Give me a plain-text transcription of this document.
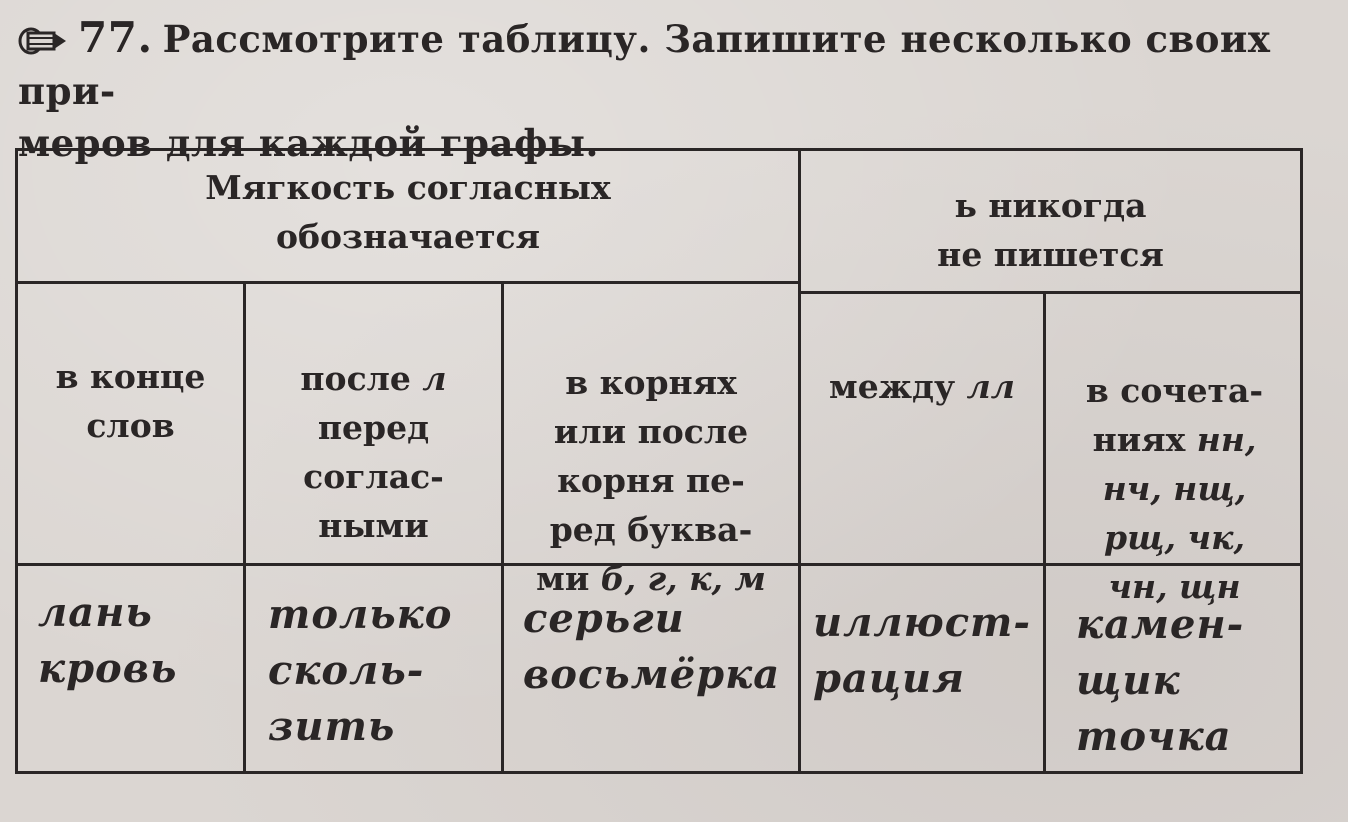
77. Рассмотрите таблицу. Запишите несколько своих при-
меров для каждой графы.
Мягкость согласных
обозначается
ь никогда
не пишется

в конце
слов

после л
перед
соглас-
ными

в корнях
или после
корня пе-
ред буква-
ми б, г, к, м

между лл	в сочета-
ниях нн,
нч, нщ,
рщ, чк,
чн, щн

лань
кровь
только
сколь-
зить
серьги
восьмёрка
иллюст-
рация
камен-
щик
точка
